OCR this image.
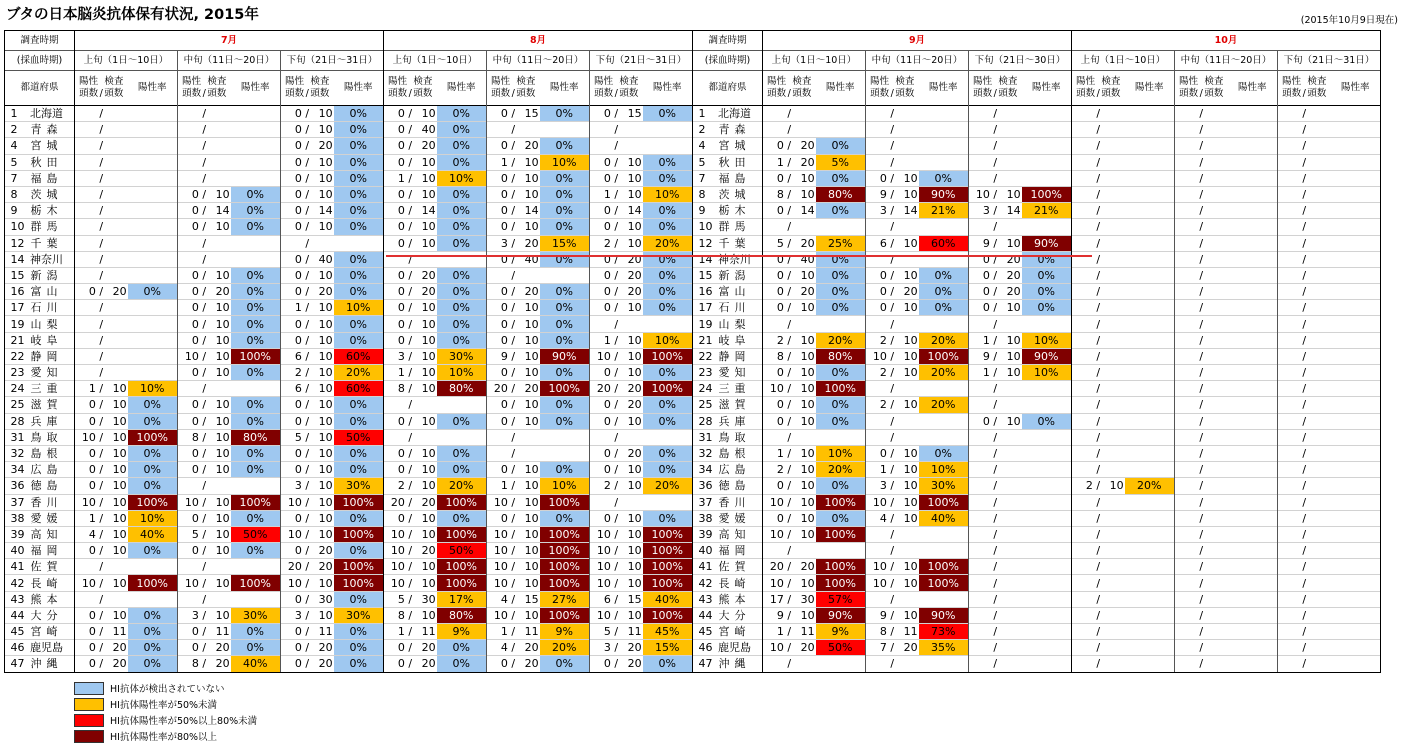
ブタの日本脳炎抗体保有状況, 2015年	(2015年10月9日現在)
調査時期	7月						8月						調査時期	9月						10月					
(採血時期)	上旬（1日～10日）		中旬（11日～20日）		下旬（21日～31日）		上旬（1日～10日）		中旬（11日～20日）		下旬（21日～31日）		(採血時期)	上旬（1日～10日）		中旬（11日～20日）		下旬（21日～30日）		上旬（1日～10日）		中旬（11日～20日）		下旬（21日～31日）	
都道府県	陽性頭数 /検査頭数	陽性率	陽性頭数 /検査頭数	陽性率	陽性頭数 /検査頭数	陽性率	陽性頭数 /検査頭数	陽性率	陽性頭数 /検査頭数	陽性率	陽性頭数 /検査頭数	陽性率	都道府県	陽性頭数 /検査頭数	陽性率	陽性頭数 /検査頭数	陽性率	陽性頭数 /検査頭数	陽性率	陽性頭数 /検査頭数	陽性率	陽性頭数 /検査頭数	陽性率	陽性頭数 /検査頭数	陽性率
1 北海道	/		/		0 / 10	0%	0 / 10	0%	0 / 15	0%	0 / 15	0%	1 北海道	/		/		/		/		/		/	
2 青森	/		/		0 / 10	0%	0 / 40	0%	/		/		2 青森	/		/		/		/		/		/	
4 宮城	/		/		0 / 20	0%	0 / 20	0%	0 / 20	0%	/		4 宮城	0 / 20	0%	/		/		/		/		/	
5 秋田	/		/		0 / 10	0%	0 / 10	0%	1 / 10	10%	0 / 10	0%	5 秋田	1 / 20	5%	/		/		/		/		/	
7 福島	/		/		0 / 10	0%	1 / 10	10%	0 / 10	0%	0 / 10	0%	7 福島	0 / 10	0%	0 / 10	0%	/		/		/		/	
8 茨城	/		0 / 10	0%	0 / 10	0%	0 / 10	0%	0 / 10	0%	1 / 10	10%	8 茨城	8 / 10	80%	9 / 10	90%	10 / 10	100%	/		/		/	
9 栃木	/		0 / 14	0%	0 / 14	0%	0 / 14	0%	0 / 14	0%	0 / 14	0%	9 栃木	0 / 14	0%	3 / 14	21%	3 / 14	21%	/		/		/	
10 群馬	/		0 / 10	0%	0 / 10	0%	0 / 10	0%	0 / 10	0%	0 / 10	0%	10 群馬	/		/		/		/		/		/	
12 千葉	/		/		/		0 / 10	0%	3 / 20	15%	2 / 10	20%	12 千葉	5 / 20	25%	6 / 10	60%	9 / 10	90%	/		/		/	
14 神奈川	/		/		0 / 40	0%	/		0 / 40	0%	0 / 20	0%	14 神奈川	0 / 40	0%	/		0 / 20	0%	/		/		/	
15 新潟	/		0 / 10	0%	0 / 10	0%	0 / 20	0%	/		0 / 20	0%	15 新潟	0 / 10	0%	0 / 10	0%	0 / 20	0%	/		/		/	
16 富山	0 / 20	0%	0 / 20	0%	0 / 20	0%	0 / 20	0%	0 / 20	0%	0 / 20	0%	16 富山	0 / 20	0%	0 / 20	0%	0 / 20	0%	/		/		/	
17 石川	/		0 / 10	0%	1 / 10	10%	0 / 10	0%	0 / 10	0%	0 / 10	0%	17 石川	0 / 10	0%	0 / 10	0%	0 / 10	0%	/		/		/	
19 山梨	/		0 / 10	0%	0 / 10	0%	0 / 10	0%	0 / 10	0%	/		19 山梨	/		/		/		/		/		/	
21 岐阜	/		0 / 10	0%	0 / 10	0%	0 / 10	0%	0 / 10	0%	1 / 10	10%	21 岐阜	2 / 10	20%	2 / 10	20%	1 / 10	10%	/		/		/	
22 静岡	/		10 / 10	100%	6 / 10	60%	3 / 10	30%	9 / 10	90%	10 / 10	100%	22 静岡	8 / 10	80%	10 / 10	100%	9 / 10	90%	/		/		/	
23 愛知	/		0 / 10	0%	2 / 10	20%	1 / 10	10%	0 / 10	0%	0 / 10	0%	23 愛知	0 / 10	0%	2 / 10	20%	1 / 10	10%	/		/		/	
24 三重	1 / 10	10%	/		6 / 10	60%	8 / 10	80%	20 / 20	100%	20 / 20	100%	24 三重	10 / 10	100%	/		/		/		/		/	
25 滋賀	0 / 10	0%	0 / 10	0%	0 / 10	0%	/		0 / 10	0%	0 / 20	0%	25 滋賀	0 / 10	0%	2 / 10	20%	/		/		/		/	
28 兵庫	0 / 10	0%	0 / 10	0%	0 / 10	0%	0 / 10	0%	0 / 10	0%	0 / 10	0%	28 兵庫	0 / 10	0%	/		0 / 10	0%	/		/		/	
31 鳥取	10 / 10	100%	8 / 10	80%	5 / 10	50%	/		/		/		31 鳥取	/		/		/		/		/		/	
32 島根	0 / 10	0%	0 / 10	0%	0 / 10	0%	0 / 10	0%	/		0 / 20	0%	32 島根	1 / 10	10%	0 / 10	0%	/		/		/		/	
34 広島	0 / 10	0%	0 / 10	0%	0 / 10	0%	0 / 10	0%	0 / 10	0%	0 / 10	0%	34 広島	2 / 10	20%	1 / 10	10%	/		/		/		/	
36 徳島	0 / 10	0%	/		3 / 10	30%	2 / 10	20%	1 / 10	10%	2 / 10	20%	36 徳島	0 / 10	0%	3 / 10	30%	/		2 / 10	20%	/		/	
37 香川	10 / 10	100%	10 / 10	100%	10 / 10	100%	20 / 20	100%	10 / 10	100%	/		37 香川	10 / 10	100%	10 / 10	100%	/		/		/		/	
38 愛媛	1 / 10	10%	0 / 10	0%	0 / 10	0%	0 / 10	0%	0 / 10	0%	0 / 10	0%	38 愛媛	0 / 10	0%	4 / 10	40%	/		/		/		/	
39 高知	4 / 10	40%	5 / 10	50%	10 / 10	100%	10 / 10	100%	10 / 10	100%	10 / 10	100%	39 高知	10 / 10	100%	/		/		/		/		/	
40 福岡	0 / 10	0%	0 / 10	0%	0 / 20	0%	10 / 20	50%	10 / 10	100%	10 / 10	100%	40 福岡	/		/		/		/		/		/	
41 佐賀	/		/		20 / 20	100%	10 / 10	100%	10 / 10	100%	10 / 10	100%	41 佐賀	20 / 20	100%	10 / 10	100%	/		/		/		/	
42 長崎	10 / 10	100%	10 / 10	100%	10 / 10	100%	10 / 10	100%	10 / 10	100%	10 / 10	100%	42 長崎	10 / 10	100%	10 / 10	100%	/		/		/		/	
43 熊本	/		/		0 / 30	0%	5 / 30	17%	4 / 15	27%	6 / 15	40%	43 熊本	17 / 30	57%	/		/		/		/		/	
44 大分	0 / 10	0%	3 / 10	30%	3 / 10	30%	8 / 10	80%	10 / 10	100%	10 / 10	100%	44 大分	9 / 10	90%	9 / 10	90%	/		/		/		/	
45 宮崎	0 / 11	0%	0 / 11	0%	0 / 11	0%	1 / 11	9%	1 / 11	9%	5 / 11	45%	45 宮崎	1 / 11	9%	8 / 11	73%	/		/		/		/	
46 鹿児島	0 / 20	0%	0 / 20	0%	0 / 20	0%	0 / 20	0%	4 / 20	20%	3 / 20	15%	46 鹿児島	10 / 20	50%	7 / 20	35%	/		/		/		/	
47 沖縄	0 / 20	0%	8 / 20	40%	0 / 20	0%	0 / 20	0%	0 / 20	0%	0 / 20	0%	47 沖縄	/		/		/		/		/		/	
HI抗体が検出されていない
HI抗体陽性率が50%未満
HI抗体陽性率が50%以上80%未満
HI抗体陽性率が80%以上
